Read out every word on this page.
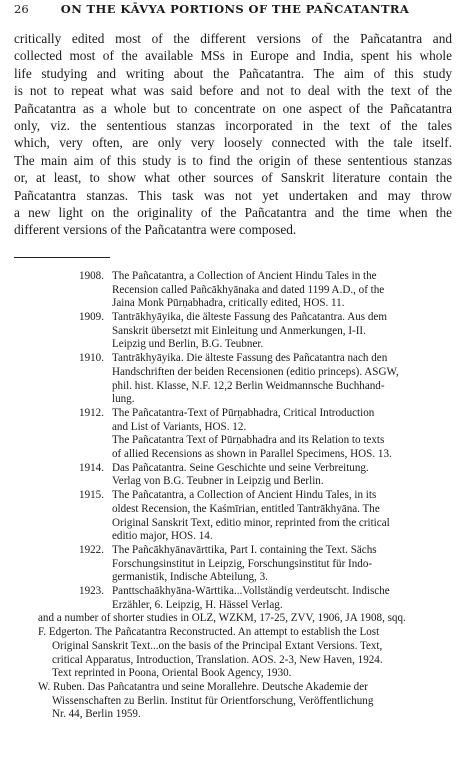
26	ON THE KĀVYA PORTIONS OF THE PAÑCATANTRA
critically edited most of the different versions of the Pañcatantra and
collected most of the available MSs in Europe and India, spent his whole
life studying and writing about the Pañcatantra. The aim of this study
is not to repeat what was said before and not to deal with the text of the
Pañcatantra as a whole but to concentrate on one aspect of the Pañcatantra
only, viz. the sententious stanzas incorporated in the text of the tales
which, very often, are only very loosely connected with the tale itself.
The main aim of this study is to find the origin of these sententious stanzas
or, at least, to show what other sources of Sanskrit literature contain the
Pañcatantra stanzas. This task was not yet undertaken and may throw
a new light on the originality of the Pañcatantra and the time when the
different versions of the Pañcatantra were composed.
1908. The Pañcatantra, a Collection of Ancient Hindu Tales in the
Recension called Pañcākhyānaka and dated 1199 A.D., of the
Jaina Monk Pūrṇabhadra, critically edited, HOS. 11.
1909. Tantrākhyāyika, die älteste Fassung des Pañcatantra. Aus dem
Sanskrit übersetzt mit Einleitung und Anmerkungen, I-II.
Leipzig und Berlin, B.G. Teubner.
1910. Tantrākhyāyika. Die älteste Fassung des Pañcatantra nach den
Handschriften der beiden Recensionen (editio princeps). ASGW,
phil. hist. Klasse, N.F. 12,2 Berlin Weidmannsche Buchhand-
lung.
1912. The Pañcatantra-Text of Pūrṇabhadra, Critical Introduction
and List of Variants, HOS. 12.
The Pañcatantra Text of Pūrṇabhadra and its Relation to texts
of allied Recensions as shown in Parallel Specimens, HOS. 13.
1914. Das Pañcatantra. Seine Geschichte und seine Verbreitung.
Verlag von B.G. Teubner in Leipzig und Berlin.
1915. The Pañcatantra, a Collection of Ancient Hindu Tales, in its
oldest Recension, the Kaśmīrian, entitled Tantrākhyāna. The
Original Sanskrit Text, editio minor, reprinted from the critical
editio major, HOS. 14.
1922. The Pañcākhyānavārttika, Part I. containing the Text. Sächs
Forschungsinstitut in Leipzig, Forschungsinstitut für Indo-
germanistik, Indische Abteilung, 3.
1923. Panttschaākhyāna-Wārttika...Vollständig verdeutscht. Indische
Erzähler, 6. Leipzig, H. Hässel Verlag.
and a number of shorter studies in OLZ, WZKM, 17-25, ZVV, 1906, JA 1908, sqq.
F. Edgerton. The Pañcatantra Reconstructed. An attempt to establish the Lost
Original Sanskrit Text...on the basis of the Principal Extant Versions. Text,
critical Apparatus, Introduction, Translation. AOS. 2-3, New Haven, 1924.
Text reprinted in Poona, Oriental Book Agency, 1930.
W. Ruben. Das Pañcatantra und seine Morallehre. Deutsche Akademie der
Wissenschaften zu Berlin. Institut für Orientforschung, Veröffentlichung
Nr. 44, Berlin 1959.
